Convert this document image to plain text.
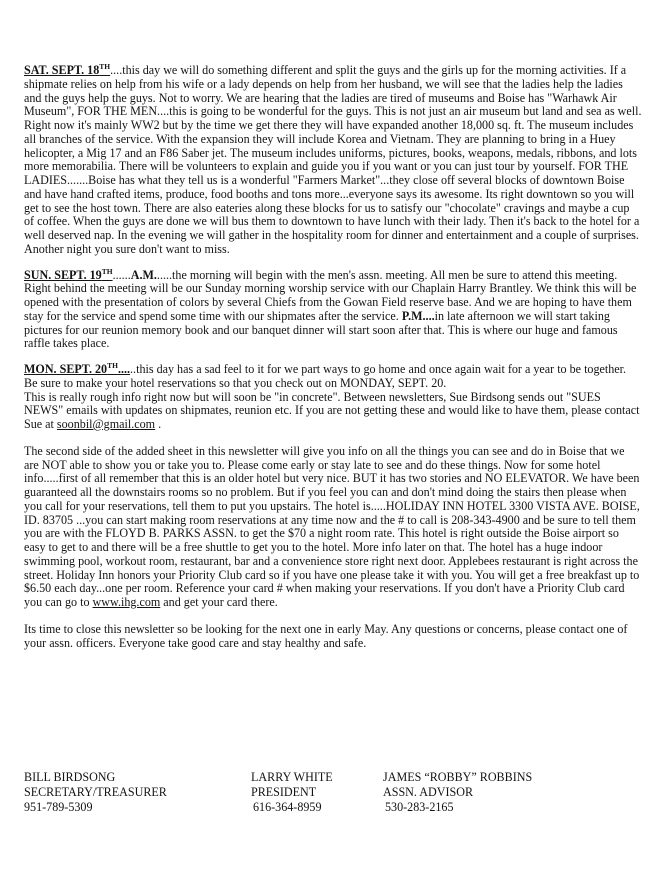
SAT. SEPT. 18TH....this day we will do something different and split the guys and the girls up for the morning activities. If a shipmate relies on help from his wife or a lady depends on help from her husband, we will see that the ladies help the ladies and the guys help the guys. Not to worry. We are hearing that the ladies are tired of museums and Boise has "Warhawk Air Museum", FOR THE MEN....this is going to be wonderful for the guys. This is not just an air museum but land and sea as well. Right now it's mainly WW2 but by the time we get there they will have expanded another 18,000 sq. ft. The museum includes all branches of the service. With the expansion they will include Korea and Vietnam. They are planning to bring in a Huey helicopter, a Mig 17 and an F86 Saber jet. The museum includes uniforms, pictures, books, weapons, medals, ribbons, and lots more memorabilia. There will be volunteers to explain and guide you if you want or you can just tour by yourself. FOR THE LADIES.......Boise has what they tell us is a wonderful "Farmers Market"...they close off several blocks of downtown Boise and have hand crafted items, produce, food booths and tons more...everyone says its awesome. Its right downtown so you will get to see the host town. There are also eateries along these blocks for us to satisfy our "chocolate" cravings and maybe a cup of coffee. When the guys are done we will bus them to downtown to have lunch with their lady. Then it's back to the hotel for a well deserved nap. In the evening we will gather in the hospitality room for dinner and entertainment and a couple of surprises. Another night you sure don't want to miss.

SUN. SEPT. 19TH......A.M......the morning will begin with the men's assn. meeting. All men be sure to attend this meeting. Right behind the meeting will be our Sunday morning worship service with our Chaplain Harry Brantley. We think this will be opened with the presentation of colors by several Chiefs from the Gowan Field reserve base. And we are hoping to have them stay for the service and spend some time with our shipmates after the service. P.M....in late afternoon we will start taking pictures for our reunion memory book and our banquet dinner will start soon after that. This is where our huge and famous raffle takes place.

MON. SEPT. 20TH......this day has a sad feel to it for we part ways to go home and once again wait for a year to be together. Be sure to make your hotel reservations so that you check out on MONDAY, SEPT. 20.
This is really rough info right now but will soon be "in concrete". Between newsletters, Sue Birdsong sends out "SUES NEWS" emails with updates on shipmates, reunion etc. If you are not getting these and would like to have them, please contact Sue at soonbil@gmail.com .

The second side of the added sheet in this newsletter will give you info on all the things you can see and do in Boise that we are NOT able to show you or take you to. Please come early or stay late to see and do these things. Now for some hotel info.....first of all remember that this is an older hotel but very nice. BUT it has two stories and NO ELEVATOR. We have been guaranteed all the downstairs rooms so no problem. But if you feel you can and don't mind doing the stairs then please when you call for your reservations, tell them to put you upstairs. The hotel is.....HOLIDAY INN HOTEL 3300 VISTA AVE. BOISE, ID. 83705 ...you can start making room reservations at any time now and the # to call is 208-343-4900 and be sure to tell them you are with the FLOYD B. PARKS ASSN. to get the $70 a night room rate. This hotel is right outside the Boise airport so easy to get to and there will be a free shuttle to get you to the hotel. More info later on that. The hotel has a huge indoor swimming pool, workout room, restaurant, bar and a convenience store right next door. Applebees restaurant is right across the street. Holiday Inn honors your Priority Club card so if you have one please take it with you. You will get a free breakfast up to $6.50 each day...one per room. Reference your card # when making your reservations. If you don't have a Priority Club card you can go to www.ihg.com and get your card there.

Its time to close this newsletter so be looking for the next one in early May. Any questions or concerns, please contact one of your assn. officers. Everyone take good care and stay healthy and safe.

BILL BIRDSONG
SECRETARY/TREASURER
951-789-5309
LARRY WHITE
PRESIDENT
616-364-8959
JAMES “ROBBY” ROBBINS
ASSN. ADVISOR
530-283-2165
